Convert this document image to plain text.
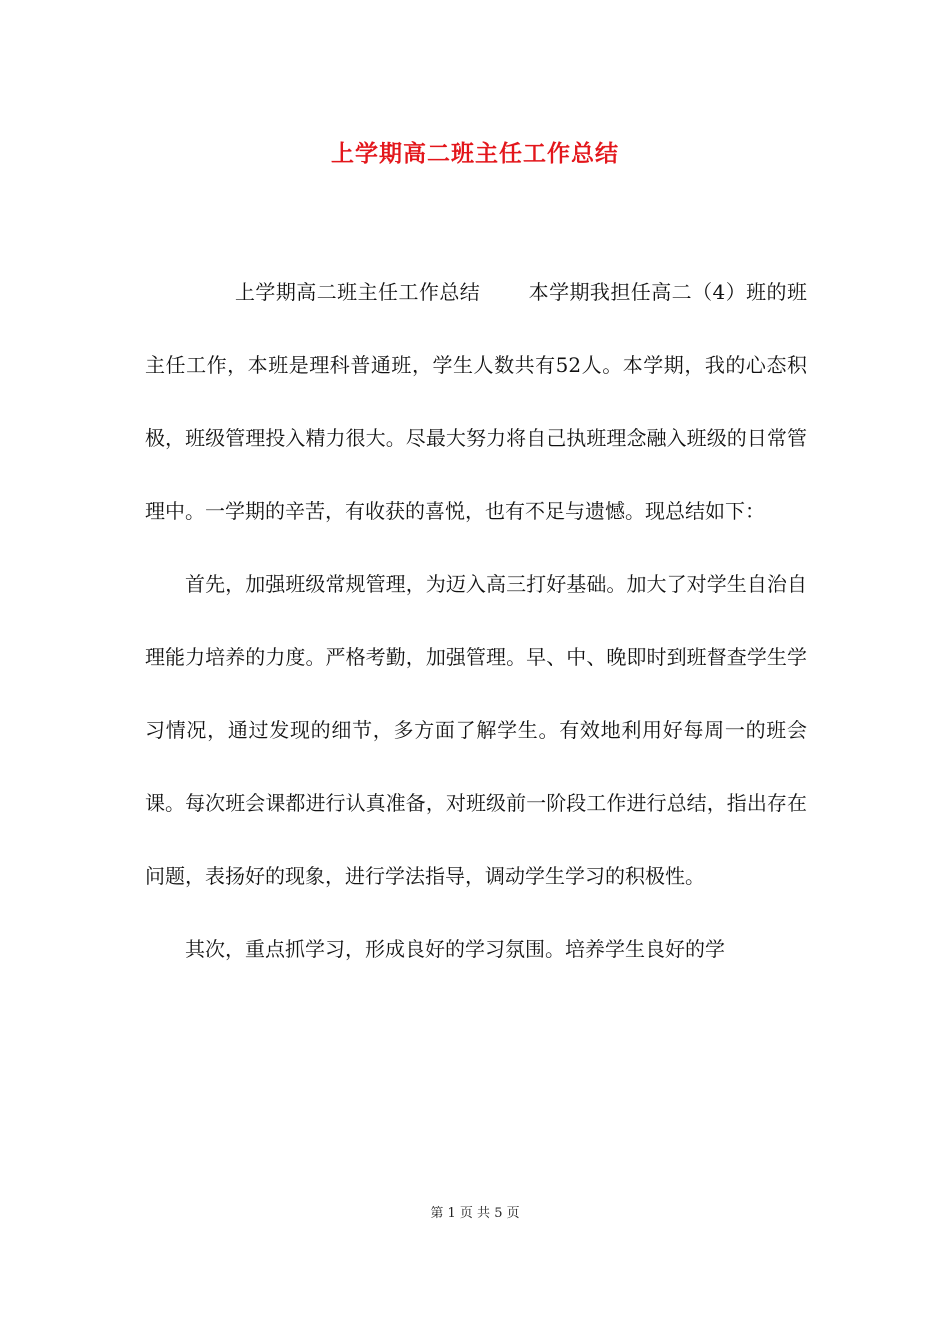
上学期高二班主任工作总结

上学期高二班主任工作总结 本学期我担任高二（4）班的班主任工作，本班是理科普通班，学生人数共有52人。本学期，我的心态积极，班级管理投入精力很大。尽最大努力将自己执班理念融入班级的日常管理中。一学期的辛苦，有收获的喜悦，也有不足与遗憾。现总结如下：

首先，加强班级常规管理，为迈入高三打好基础。加大了对学生自治自理能力培养的力度。严格考勤，加强管理。早、中、晚即时到班督查学生学习情况，通过发现的细节，多方面了解学生。有效地利用好每周一的班会课。每次班会课都进行认真准备，对班级前一阶段工作进行总结，指出存在问题，表扬好的现象，进行学法指导，调动学生学习的积极性。

其次，重点抓学习，形成良好的学习氛围。培养学生良好的学

第 1 页 共 5 页
